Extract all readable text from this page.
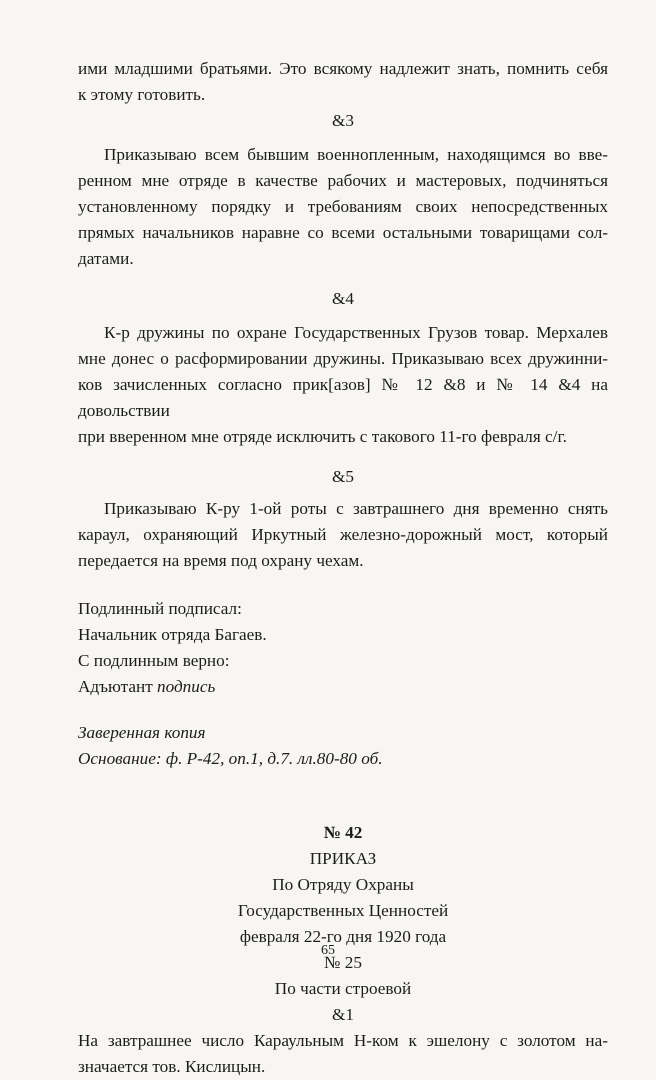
ими младшими братьями. Это всякому надлежит знать, помнить себя
к этому готовить.

&3

Приказываю всем бывшим военнопленным, находящимся во вве-
ренном мне отряде в качестве рабочих и мастеровых, подчиняться
установленному порядку и требованиям своих непосредственных
прямых начальников наравне со всеми остальными товарищами сол-
датами.

&4

К-р дружины по охране Государственных Грузов товар. Мерхалев
мне донес о расформировании дружины. Приказываю всех дружинни-
ков зачисленных согласно прик[азов] № 12 &8 и № 14 &4 на довольствии
при вверенном мне отряде исключить с такового 11-го февраля с/г.

&5

Приказываю К-ру 1-ой роты с завтрашнего дня временно снять
караул, охраняющий Иркутный железно-дорожный мост, который
передается на время под охрану чехам.

Подлинный подписал:

Начальник отряда Багаев.

С подлинным верно:

Адъютант подпись

Заверенная копия

Основание: ф. Р-42, оп.1, д.7. лл.80-80 об.

№ 42

ПРИКАЗ

По Отряду Охраны

Государственных Ценностей

февраля 22-го дня 1920 года

№ 25

По части строевой

&1

На завтрашнее число Караульным Н-ком к эшелону с золотом на-
значается тов. Кислицын.

65
